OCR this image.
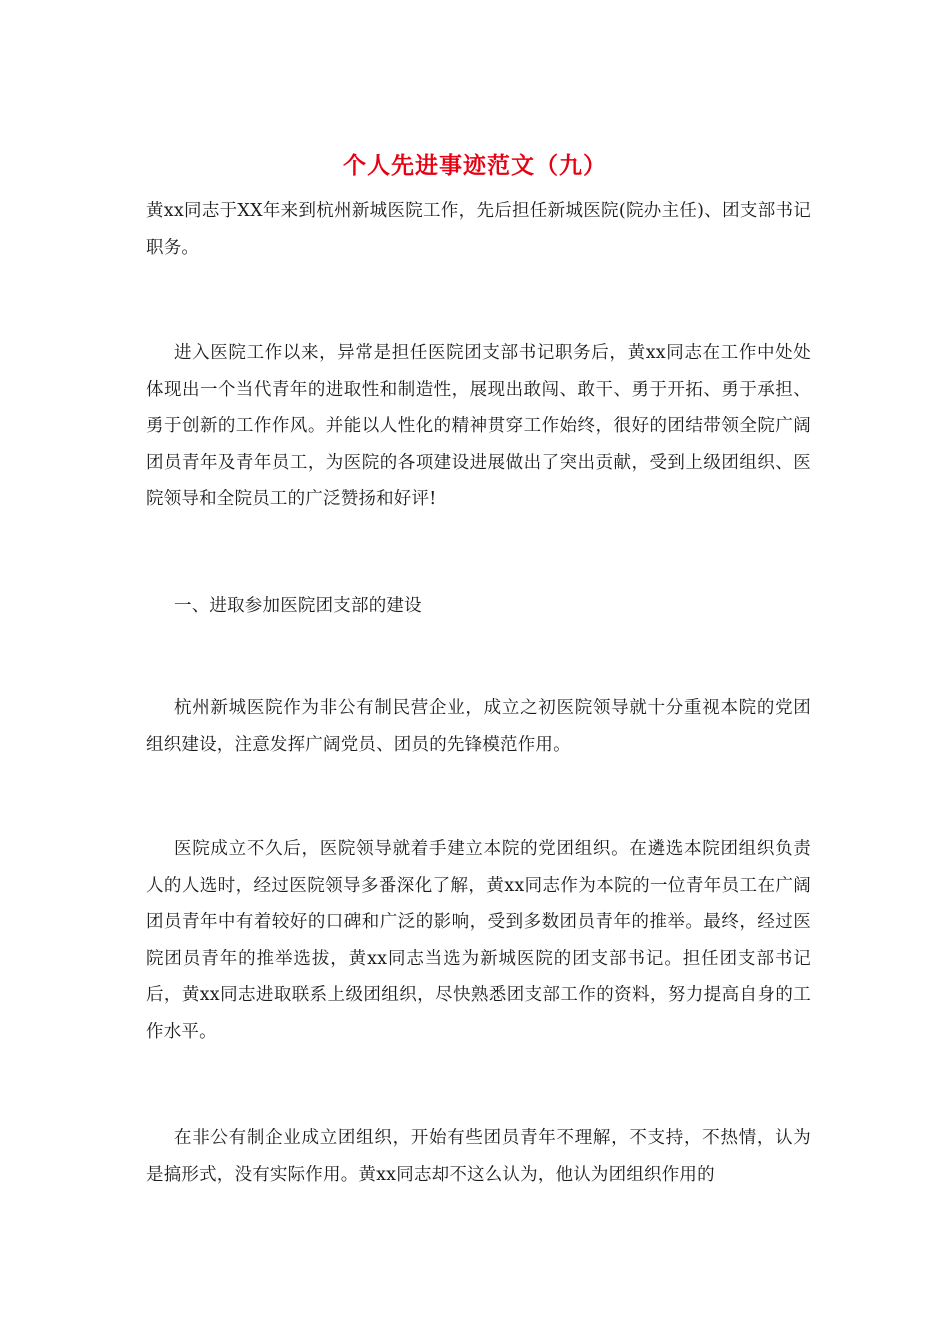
个人先进事迹范文（九）

黄xx同志于XX年来到杭州新城医院工作，先后担任新城医院(院办主任)、团支部书记职务。

进入医院工作以来，异常是担任医院团支部书记职务后，黄xx同志在工作中处处体现出一个当代青年的进取性和制造性，展现出敢闯、敢干、勇于开拓、勇于承担、勇于创新的工作作风。并能以人性化的精神贯穿工作始终，很好的团结带领全院广阔团员青年及青年员工，为医院的各项建设进展做出了突出贡献，受到上级团组织、医院领导和全院员工的广泛赞扬和好评!

一、进取参加医院团支部的建设

杭州新城医院作为非公有制民营企业，成立之初医院领导就十分重视本院的党团组织建设，注意发挥广阔党员、团员的先锋模范作用。

医院成立不久后，医院领导就着手建立本院的党团组织。在遴选本院团组织负责人的人选时，经过医院领导多番深化了解，黄xx同志作为本院的一位青年员工在广阔团员青年中有着较好的口碑和广泛的影响，受到多数团员青年的推举。最终，经过医院团员青年的推举选拔，黄xx同志当选为新城医院的团支部书记。担任团支部书记后，黄xx同志进取联系上级团组织，尽快熟悉团支部工作的资料，努力提高自身的工作水平。

在非公有制企业成立团组织，开始有些团员青年不理解，不支持，不热情，认为是搞形式，没有实际作用。黄xx同志却不这么认为，他认为团组织作用的
